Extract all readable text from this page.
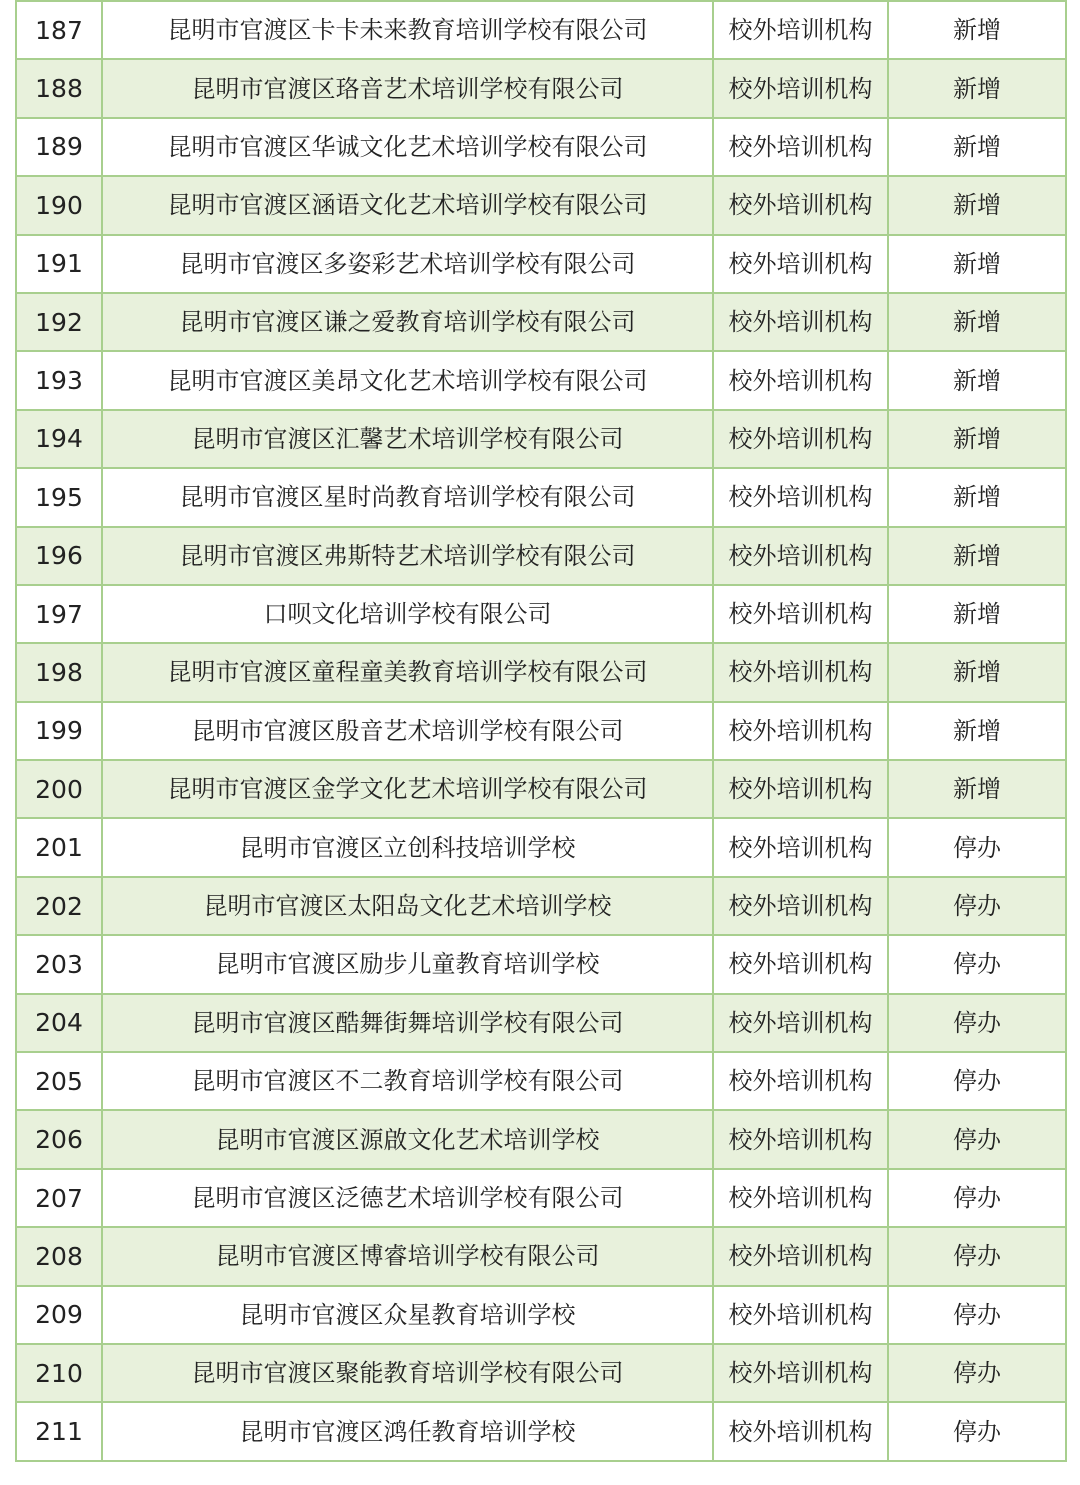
187	昆明市官渡区卡卡未来教育培训学校有限公司	校外培训机构	新增
188	昆明市官渡区珞音艺术培训学校有限公司	校外培训机构	新增
189	昆明市官渡区华诚文化艺术培训学校有限公司	校外培训机构	新增
190	昆明市官渡区涵语文化艺术培训学校有限公司	校外培训机构	新增
191	昆明市官渡区多姿彩艺术培训学校有限公司	校外培训机构	新增
192	昆明市官渡区谦之爱教育培训学校有限公司	校外培训机构	新增
193	昆明市官渡区美昂文化艺术培训学校有限公司	校外培训机构	新增
194	昆明市官渡区汇馨艺术培训学校有限公司	校外培训机构	新增
195	昆明市官渡区星时尚教育培训学校有限公司	校外培训机构	新增
196	昆明市官渡区弗斯特艺术培训学校有限公司	校外培训机构	新增
197	口呗文化培训学校有限公司	校外培训机构	新增
198	昆明市官渡区童程童美教育培训学校有限公司	校外培训机构	新增
199	昆明市官渡区殷音艺术培训学校有限公司	校外培训机构	新增
200	昆明市官渡区金学文化艺术培训学校有限公司	校外培训机构	新增
201	昆明市官渡区立创科技培训学校	校外培训机构	停办
202	昆明市官渡区太阳岛文化艺术培训学校	校外培训机构	停办
203	昆明市官渡区励步儿童教育培训学校	校外培训机构	停办
204	昆明市官渡区酷舞街舞培训学校有限公司	校外培训机构	停办
205	昆明市官渡区不二教育培训学校有限公司	校外培训机构	停办
206	昆明市官渡区源啟文化艺术培训学校	校外培训机构	停办
207	昆明市官渡区泛德艺术培训学校有限公司	校外培训机构	停办
208	昆明市官渡区博睿培训学校有限公司	校外培训机构	停办
209	昆明市官渡区众星教育培训学校	校外培训机构	停办
210	昆明市官渡区聚能教育培训学校有限公司	校外培训机构	停办
211	昆明市官渡区鸿任教育培训学校	校外培训机构	停办
